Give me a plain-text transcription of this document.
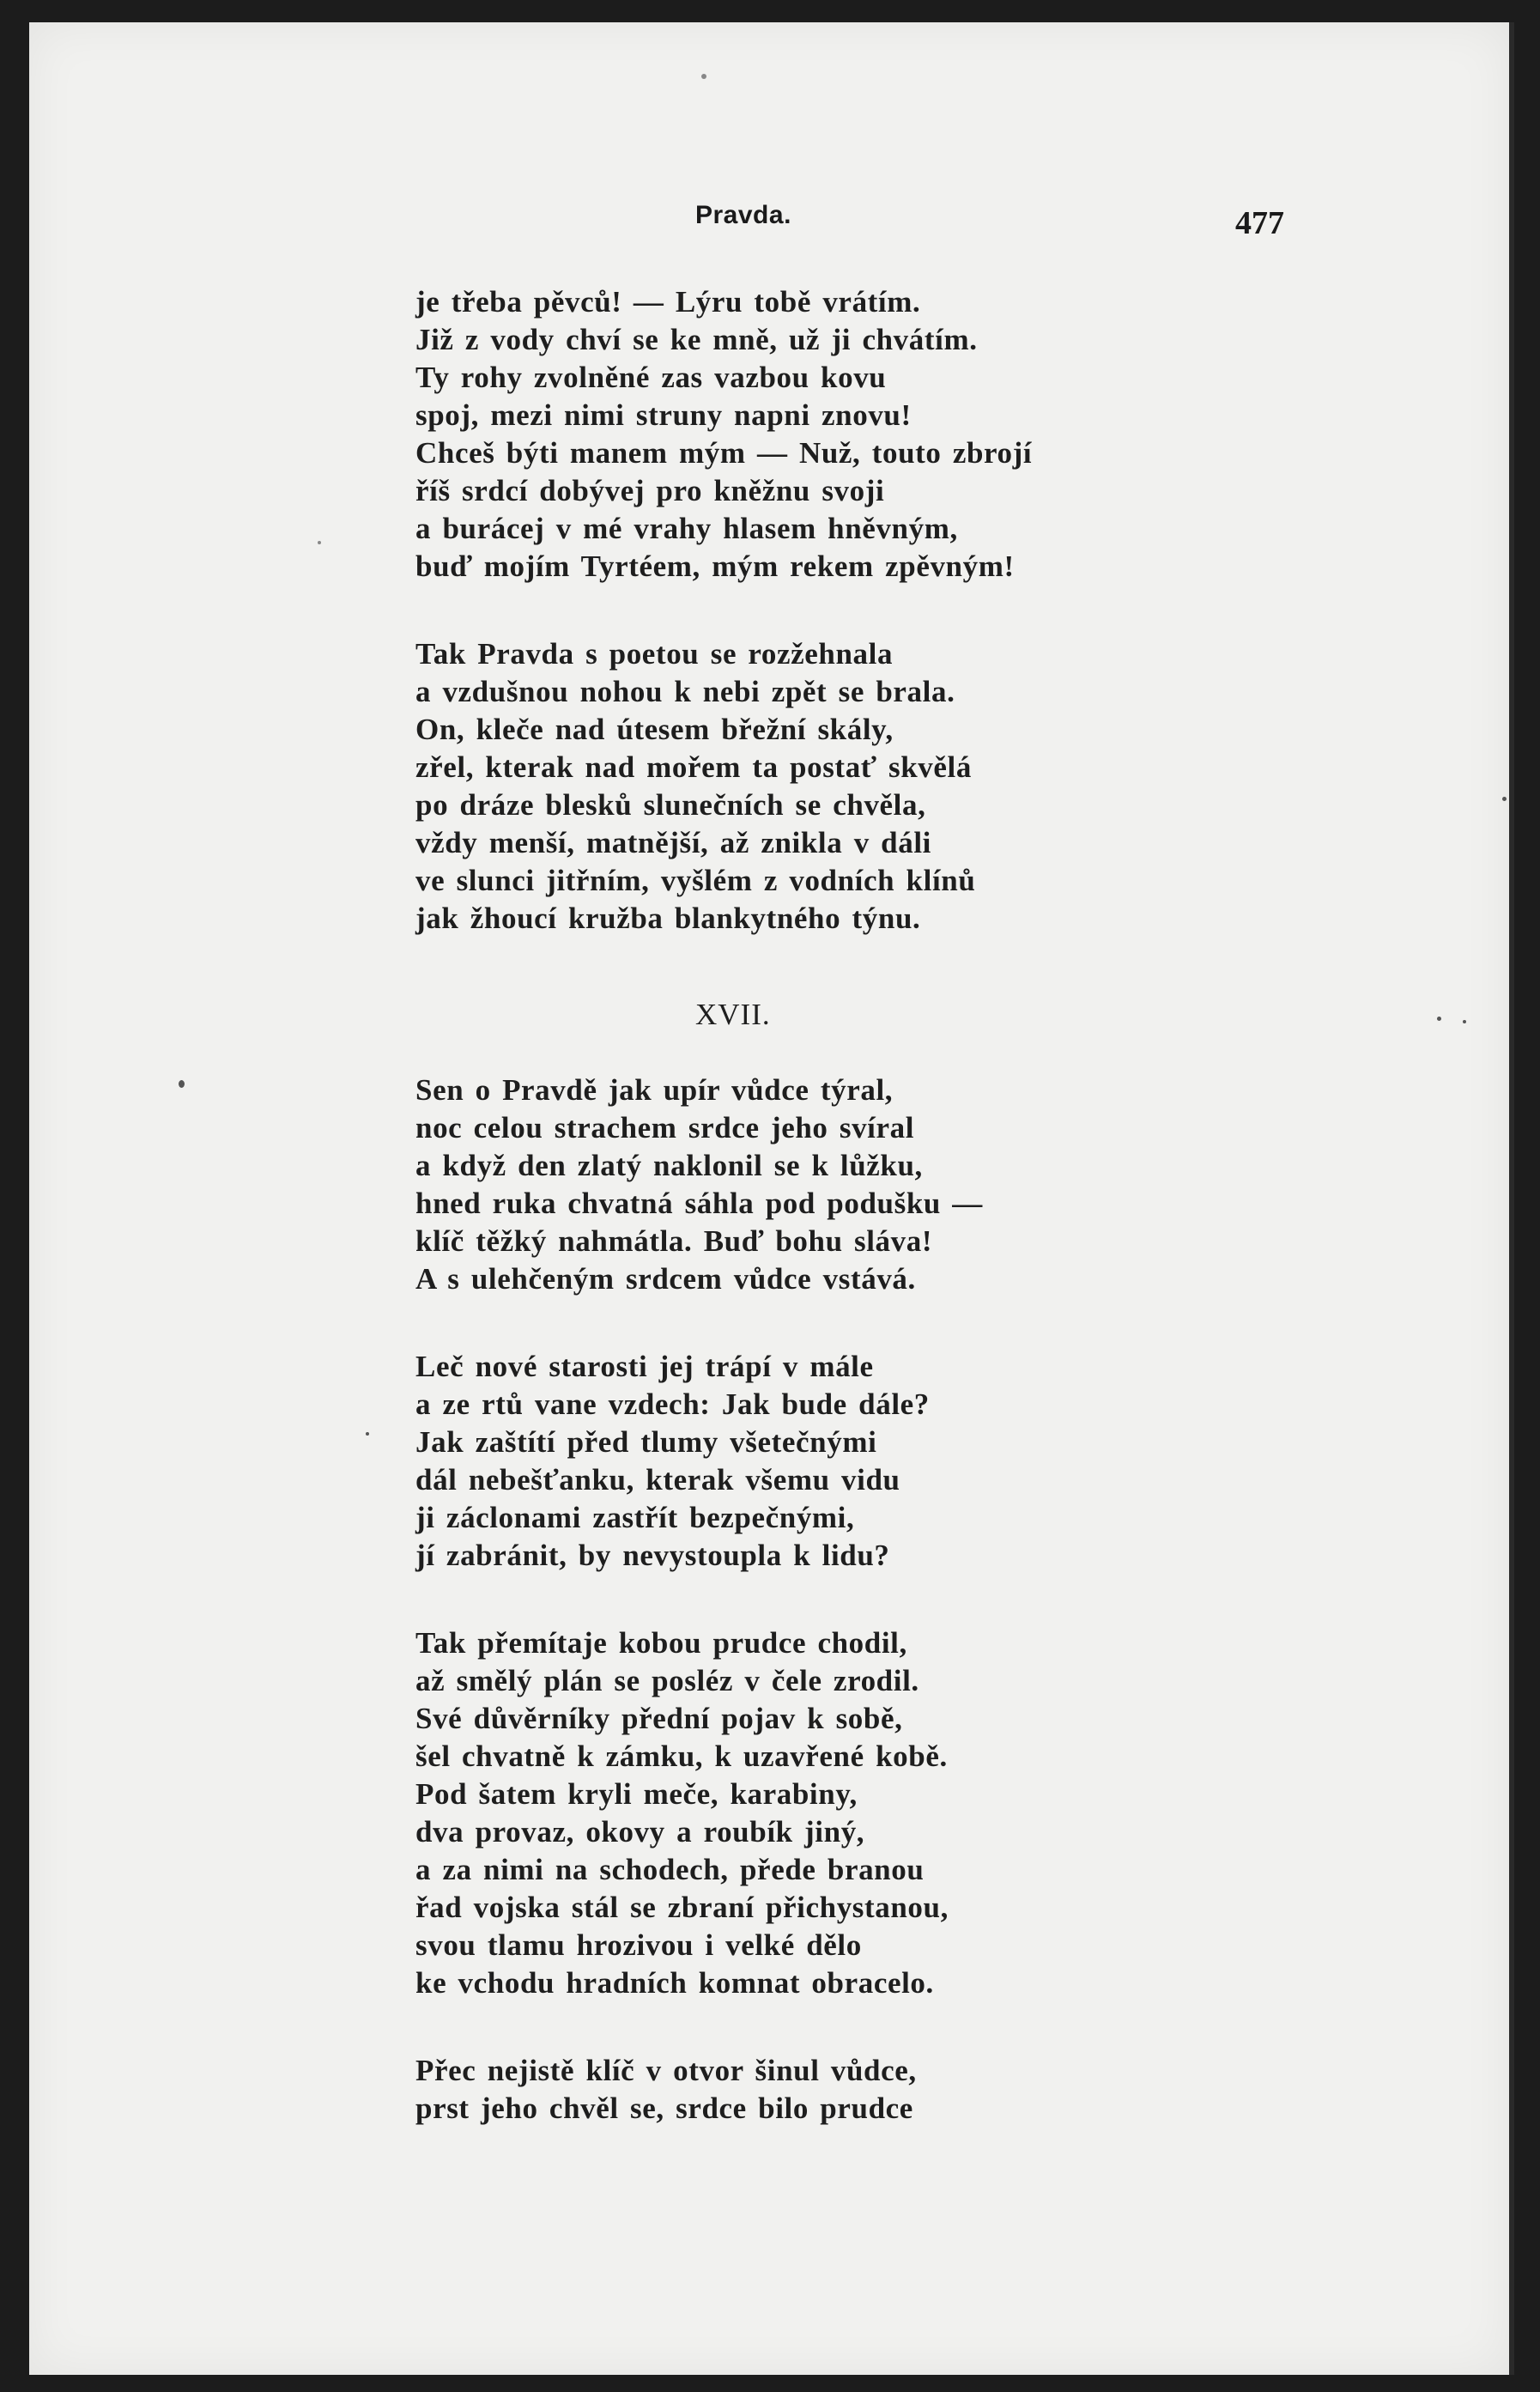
Pravda.	477
je třeba pěvců! — Lýru tobě vrátím.
Již z vody chví se ke mně, už ji chvátím.
Ty rohy zvolněné zas vazbou kovu
spoj, mezi nimi struny napni znovu!
Chceš býti manem mým — Nuž, touto zbrojí
říš srdcí dobývej pro kněžnu svoji
a burácej v mé vrahy hlasem hněvným,
buď mojím Tyrtéem, mým rekem zpěvným!
Tak Pravda s poetou se rozžehnala
a vzdušnou nohou k nebi zpět se brala.
On, kleče nad útesem břežní skály,
zřel, kterak nad mořem ta postať skvělá
po dráze blesků slunečních se chvěla,
vždy menší, matnější, až znikla v dáli
ve slunci jitřním, vyšlém z vodních klínů
jak žhoucí kružba blankytného týnu.
XVII.
Sen o Pravdě jak upír vůdce týral,
noc celou strachem srdce jeho svíral
a když den zlatý naklonil se k lůžku,
hned ruka chvatná sáhla pod podušku —
klíč těžký nahmátla. Buď bohu sláva!
A s ulehčeným srdcem vůdce vstává.
Leč nové starosti jej trápí v mále
a ze rtů vane vzdech: Jak bude dále?
Jak zaštítí před tlumy všetečnými
dál nebešťanku, kterak všemu vidu
ji záclonami zastřít bezpečnými,
jí zabránit, by nevystoupla k lidu?
Tak přemítaje kobou prudce chodil,
až smělý plán se posléz v čele zrodil.
Své důvěrníky přední pojav k sobě,
šel chvatně k zámku, k uzavřené kobě.
Pod šatem kryli meče, karabiny,
dva provaz, okovy a roubík jiný,
a za nimi na schodech, přede branou
řad vojska stál se zbraní přichystanou,
svou tlamu hrozivou i velké dělo
ke vchodu hradních komnat obracelo.
Přec nejistě klíč v otvor šinul vůdce,
prst jeho chvěl se, srdce bilo prudce
